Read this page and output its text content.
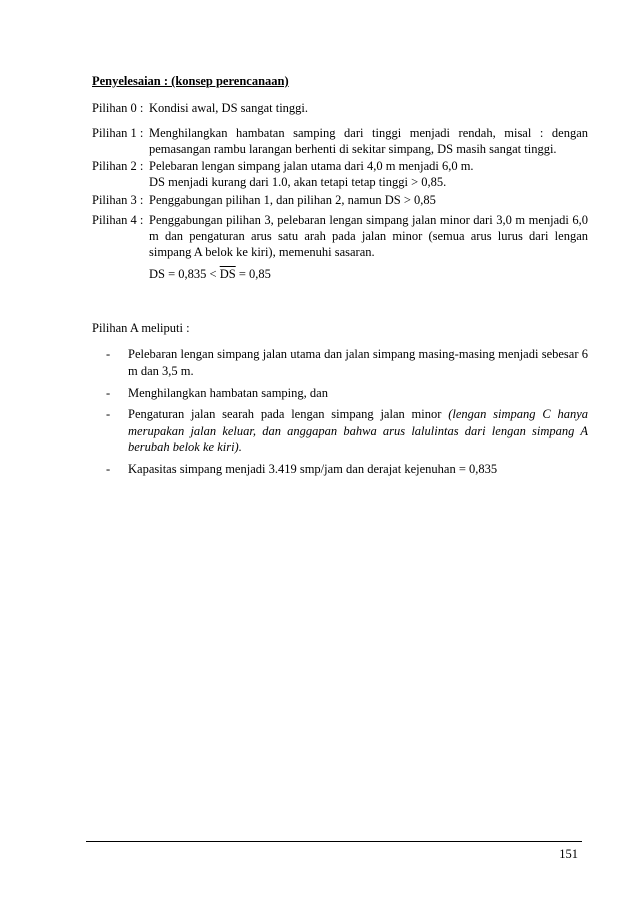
Penyelesaian : (konsep perencanaan)
Pilihan 0 : Kondisi awal, DS sangat tinggi.

Pilihan 1 : Menghilangkan hambatan samping dari tinggi menjadi rendah, misal : dengan pemasangan rambu larangan berhenti di sekitar simpang, DS masih sangat tinggi.

Pilihan 2 : Pelebaran lengan simpang jalan utama dari 4,0 m menjadi 6,0 m.

DS menjadi kurang dari 1.0, akan tetapi tetap tinggi > 0,85.

Pilihan 3 : Penggabungan pilihan 1, dan pilihan 2, namun DS > 0,85

Pilihan 4 : Penggabungan pilihan 3, pelebaran lengan simpang jalan minor dari 3,0 m menjadi 6,0 m dan pengaturan arus satu arah pada jalan minor (semua arus lurus dari lengan simpang A belok ke kiri), memenuhi sasaran.

DS = $0,835 < \overline{DS} = 0,85$
Pilihan A meliputi :
- Pelebaran lengan simpang jalan utama dan jalan simpang masing-masing menjadi sebesar 6 m dan 3,5 m.
- Menghilangkan hambatan samping, dan
- Pengaturan jalan searah pada lengan simpang jalan minor (lengan simpang C hanya merupakan jalan keluar, dan anggapan bahwa arus lalulintas dari lengan simpang A berubah belok ke kiri).
- Kapasitas simpang menjadi 3.419 smp/jam dan derajat kejenuhan = 0,835
151
